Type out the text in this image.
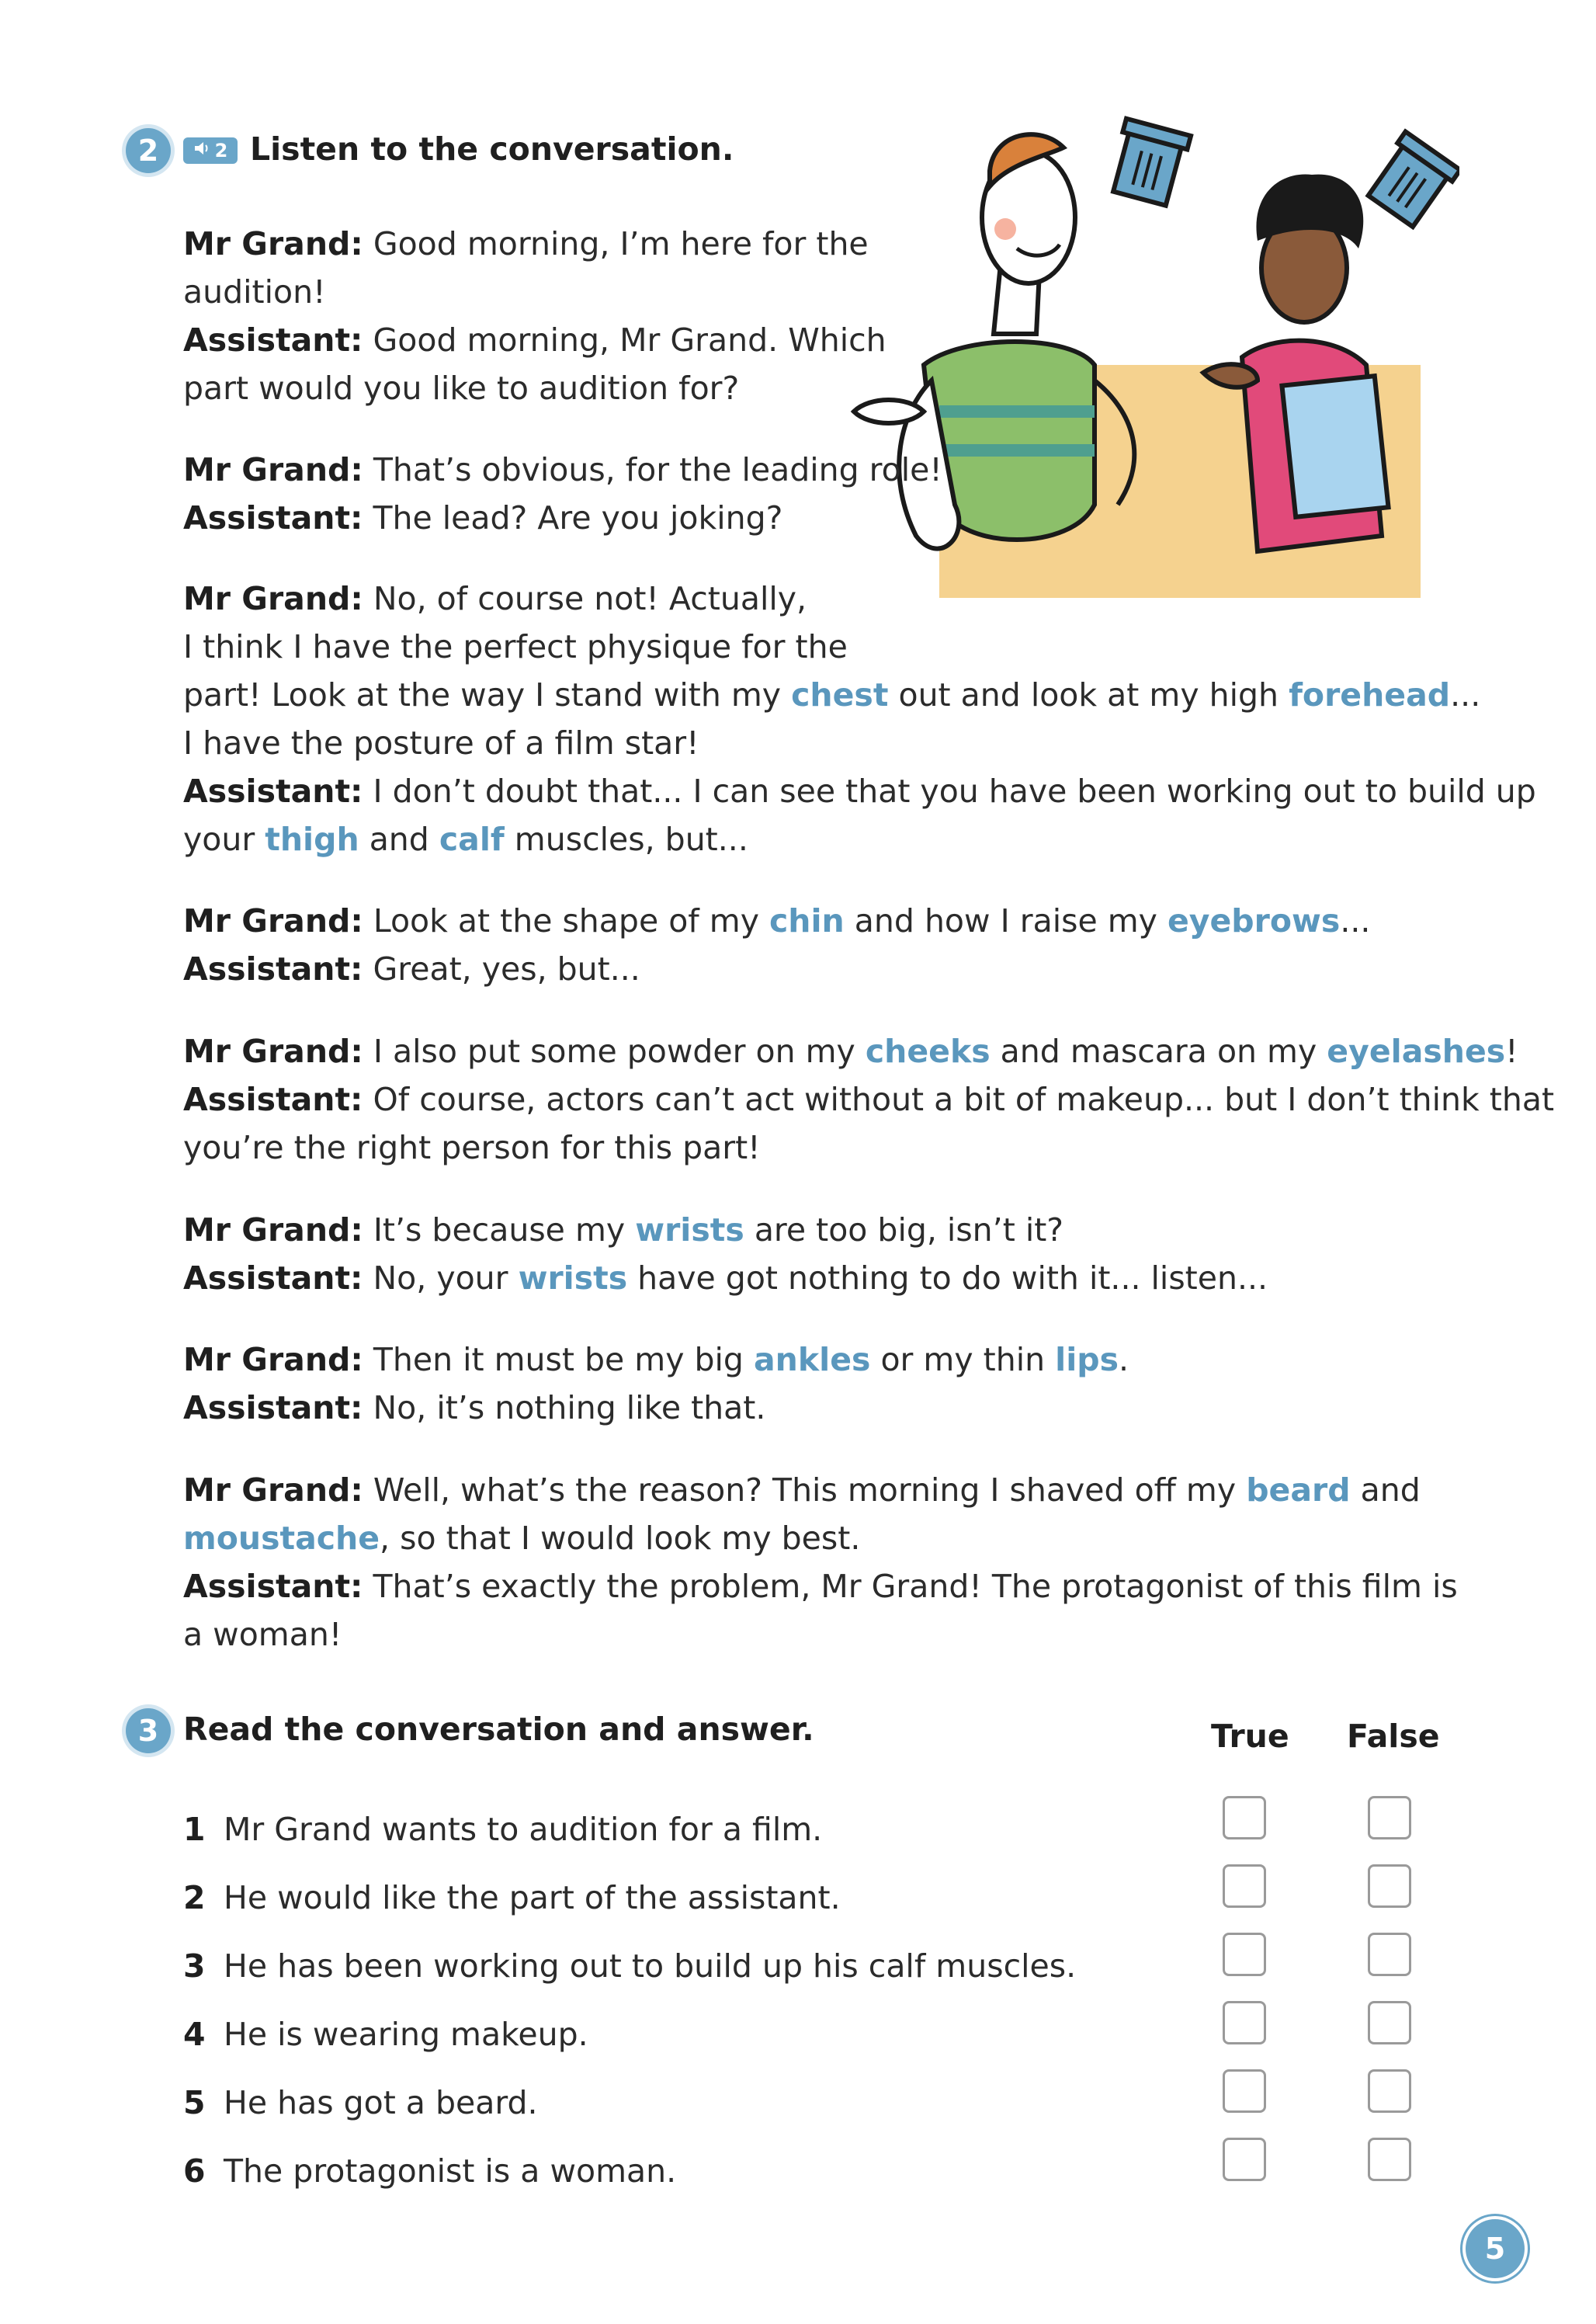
2	2 Listen to the conversation.

Mr Grand: Good morning, I’m here for the

audition!

Assistant: Good morning, Mr Grand. Which

part would you like to audition for?

Mr Grand: That’s obvious, for the leading role!

Assistant: The lead? Are you joking?

Mr Grand: No, of course not! Actually,

I think I have the perfect physique for the

part! Look at the way I stand with my chest out and look at my high forehead...

I have the posture of a film star!

Assistant: I don’t doubt that... I can see that you have been working out to build up

your thigh and calf muscles, but...

Mr Grand: Look at the shape of my chin and how I raise my eyebrows...

Assistant: Great, yes, but...

Mr Grand: I also put some powder on my cheeks and mascara on my eyelashes!

Assistant: Of course, actors can’t act without a bit of makeup... but I don’t think that

you’re the right person for this part!

Mr Grand: It’s because my wrists are too big, isn’t it?

Assistant: No, your wrists have got nothing to do with it... listen...

Mr Grand: Then it must be my big ankles or my thin lips.

Assistant: No, it’s nothing like that.

Mr Grand: Well, what’s the reason? This morning I shaved off my beard and

moustache, so that I would look my best.

Assistant: That’s exactly the problem, Mr Grand! The protagonist of this film is

a woman!

3 Read the conversation and answer.	True False
1 Mr Grand wants to audition for a film.
2 He would like the part of the assistant.
3 He has been working out to build up his calf muscles.
4 He is wearing makeup.
5 He has got a beard.
6 The protagonist is a woman.
5
